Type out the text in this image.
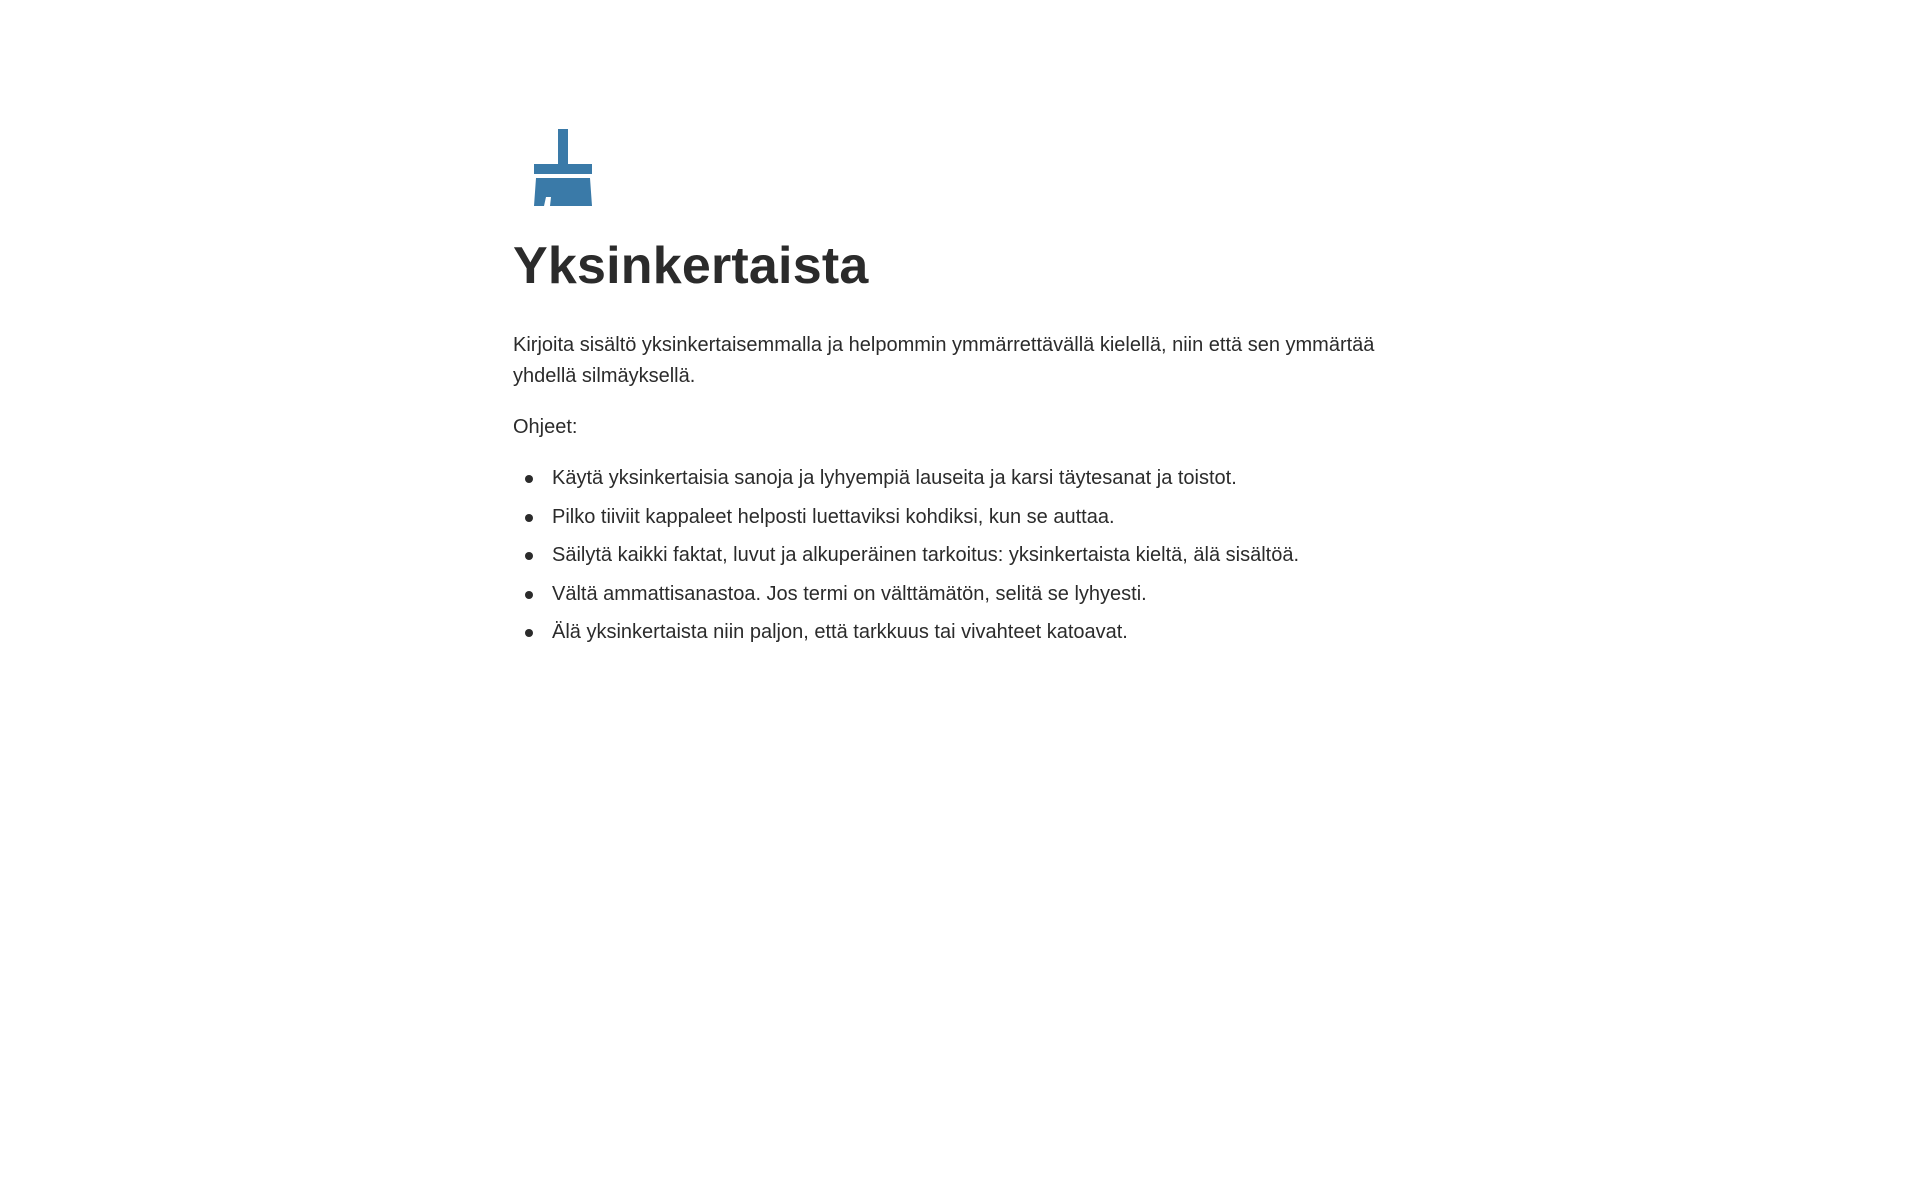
Yksinkertaista

Kirjoita sisältö yksinkertaisemmalla ja helpommin ymmärrettävällä kielellä, niin että sen ymmärtää yhdellä silmäyksellä.

Ohjeet:

Käytä yksinkertaisia sanoja ja lyhyempiä lauseita ja karsi täytesanat ja toistot.
Pilko tiiviit kappaleet helposti luettaviksi kohdiksi, kun se auttaa.
Säilytä kaikki faktat, luvut ja alkuperäinen tarkoitus: yksinkertaista kieltä, älä sisältöä.
Vältä ammattisanastoa. Jos termi on välttämätön, selitä se lyhyesti.
Älä yksinkertaista niin paljon, että tarkkuus tai vivahteet katoavat.
